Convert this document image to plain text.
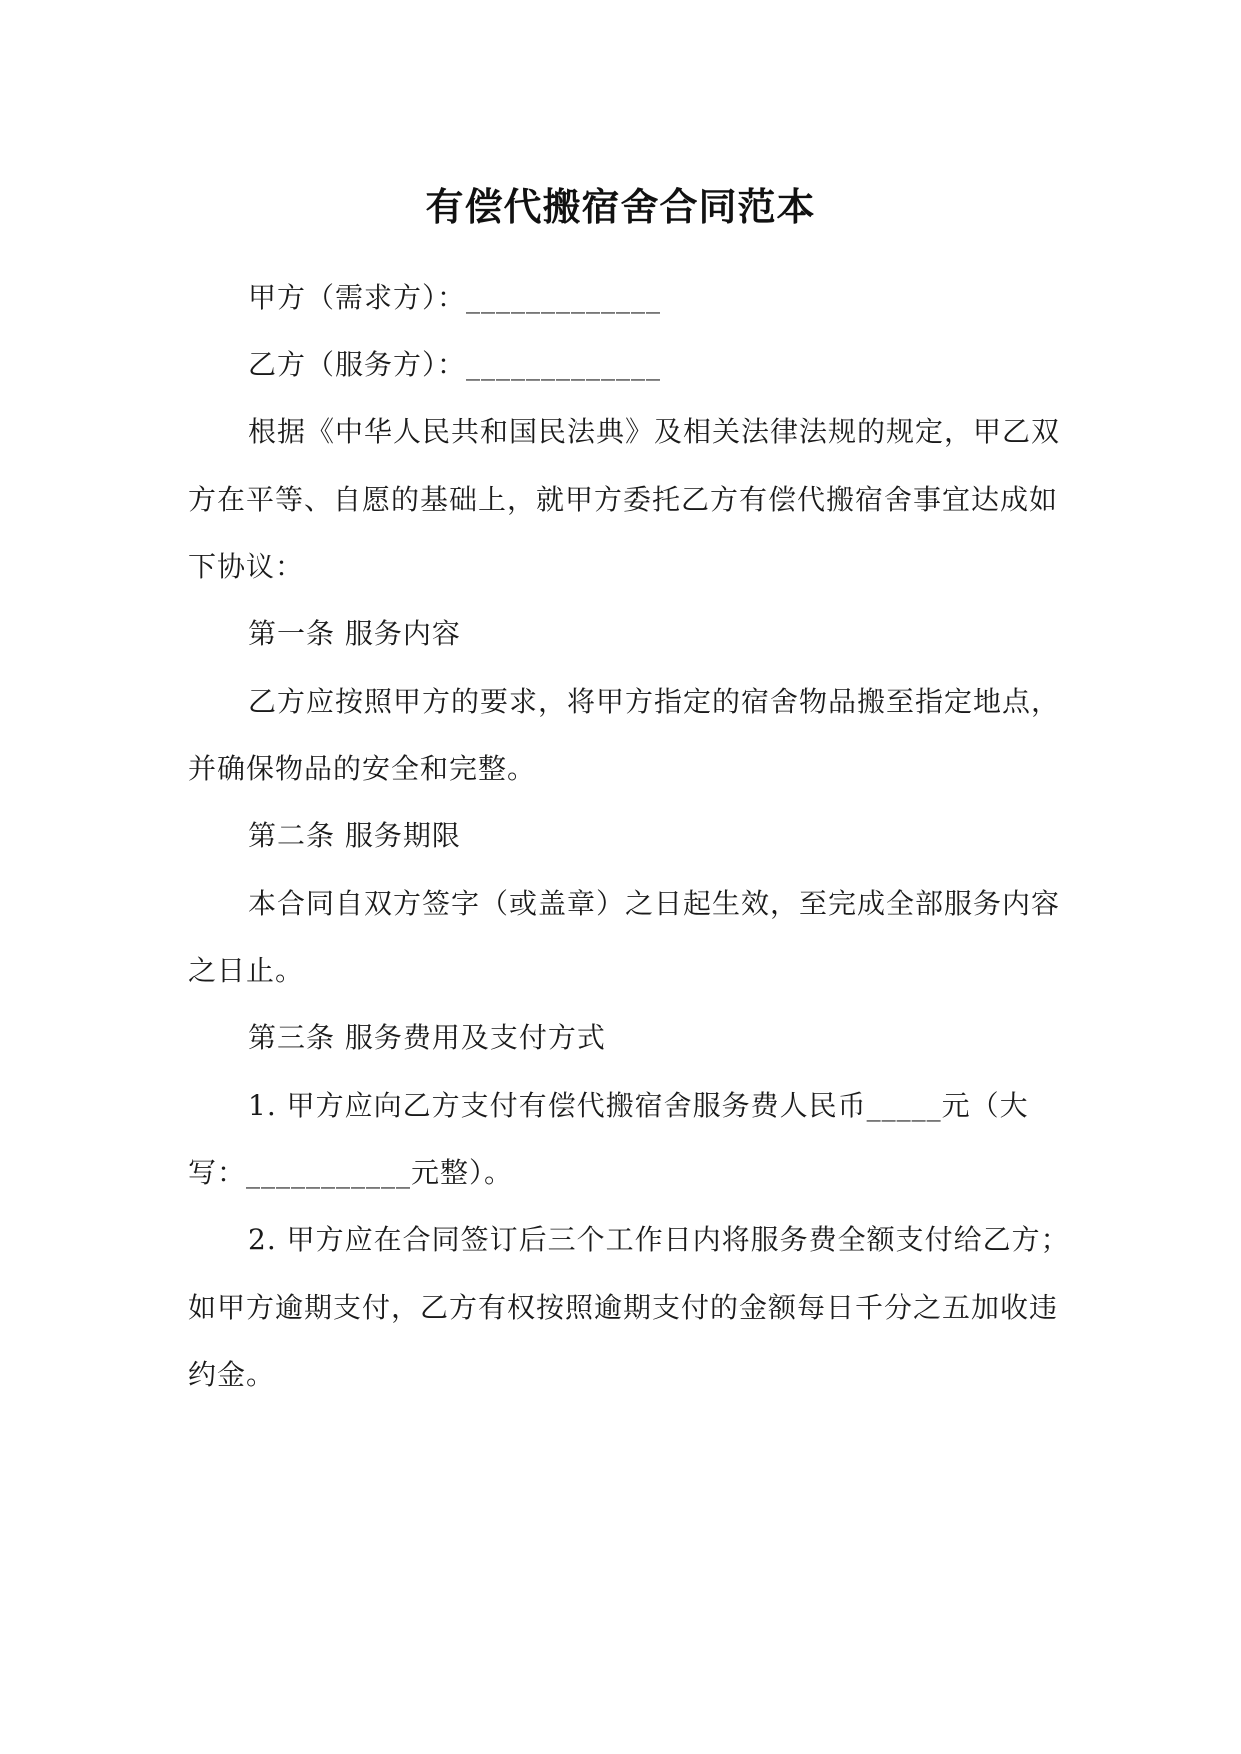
有偿代搬宿舍合同范本
甲方（需求方）：_____________
乙方（服务方）：_____________
根据《中华人民共和国民法典》及相关法律法规的规定，甲乙双
方在平等、自愿的基础上，就甲方委托乙方有偿代搬宿舍事宜达成如
下协议：
第一条 服务内容
乙方应按照甲方的要求，将甲方指定的宿舍物品搬至指定地点，
并确保物品的安全和完整。
第二条 服务期限
本合同自双方签字（或盖章）之日起生效，至完成全部服务内容
之日止。
第三条 服务费用及支付方式
1. 甲方应向乙方支付有偿代搬宿舍服务费人民币_____元（大
写：___________元整）。
2. 甲方应在合同签订后三个工作日内将服务费全额支付给乙方；
如甲方逾期支付，乙方有权按照逾期支付的金额每日千分之五加收违
约金。
